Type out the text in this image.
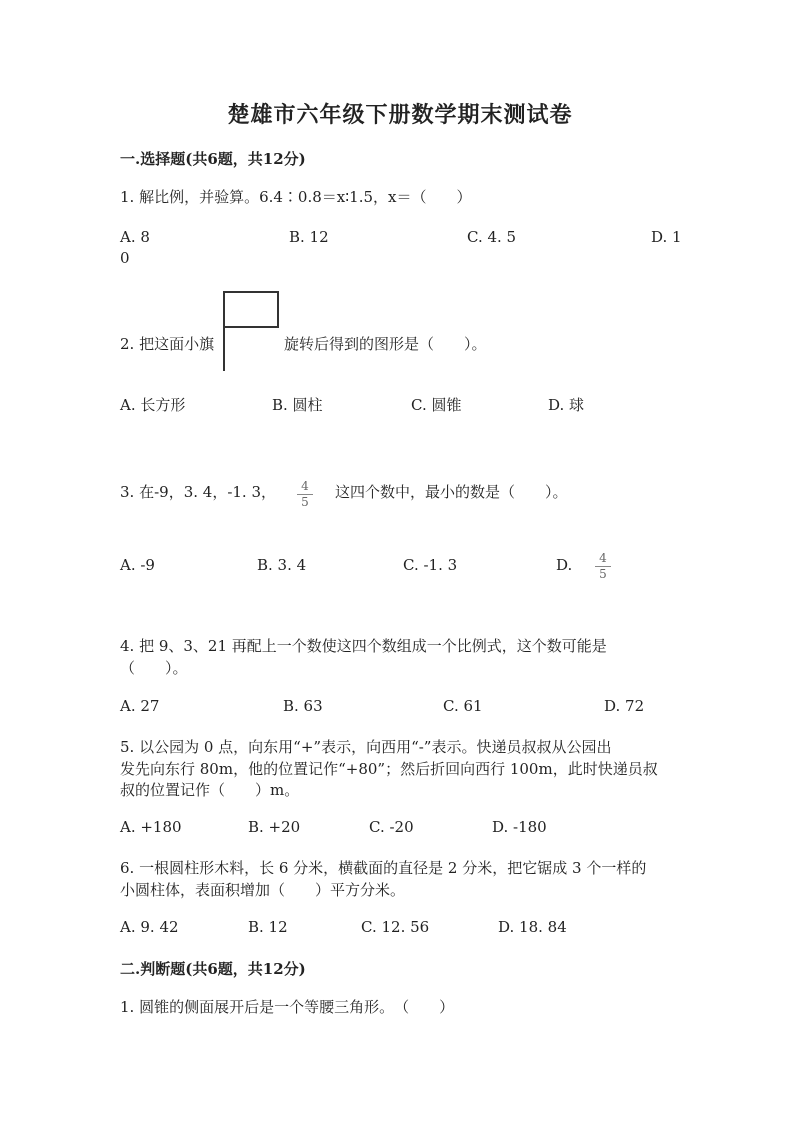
楚雄市六年级下册数学期末测试卷
一.选择题(共6题，共12分)
1. 解比例，并验算。6.4∶0.8＝x∶1.5，x＝（　　）
A. 8	B. 12	C. 4. 5	D. 1
0
2. 把这面小旗	旋转后得到的图形是（　　）。
A. 长方形	B. 圆柱	C. 圆锥	D. 球
3. 在-9，3. 4，-1. 3，	4
5
这四个数中，最小的数是（　　）。
A. -9	B. 3. 4	C. -1. 3	D.	4
5
4. 把 9、3、21 再配上一个数使这四个数组成一个比例式，这个数可能是
（　　）。
A. 27	B. 63	C. 61	D. 72
5. 以公园为 0 点，向东用“+”表示，向西用“-”表示。快递员叔叔从公园出
发先向东行 80m，他的位置记作“+80”；然后折回向西行 100m，此时快递员叔
叔的位置记作（　　）m。
A. +180	B. +20	C. -20	D. -180
6. 一根圆柱形木料，长 6 分米，横截面的直径是 2 分米，把它锯成 3 个一样的
小圆柱体，表面积增加（　　）平方分米。
A. 9. 42	B. 12	C. 12. 56	D. 18. 84
二.判断题(共6题，共12分)
1. 圆锥的侧面展开后是一个等腰三角形。　（　　）
